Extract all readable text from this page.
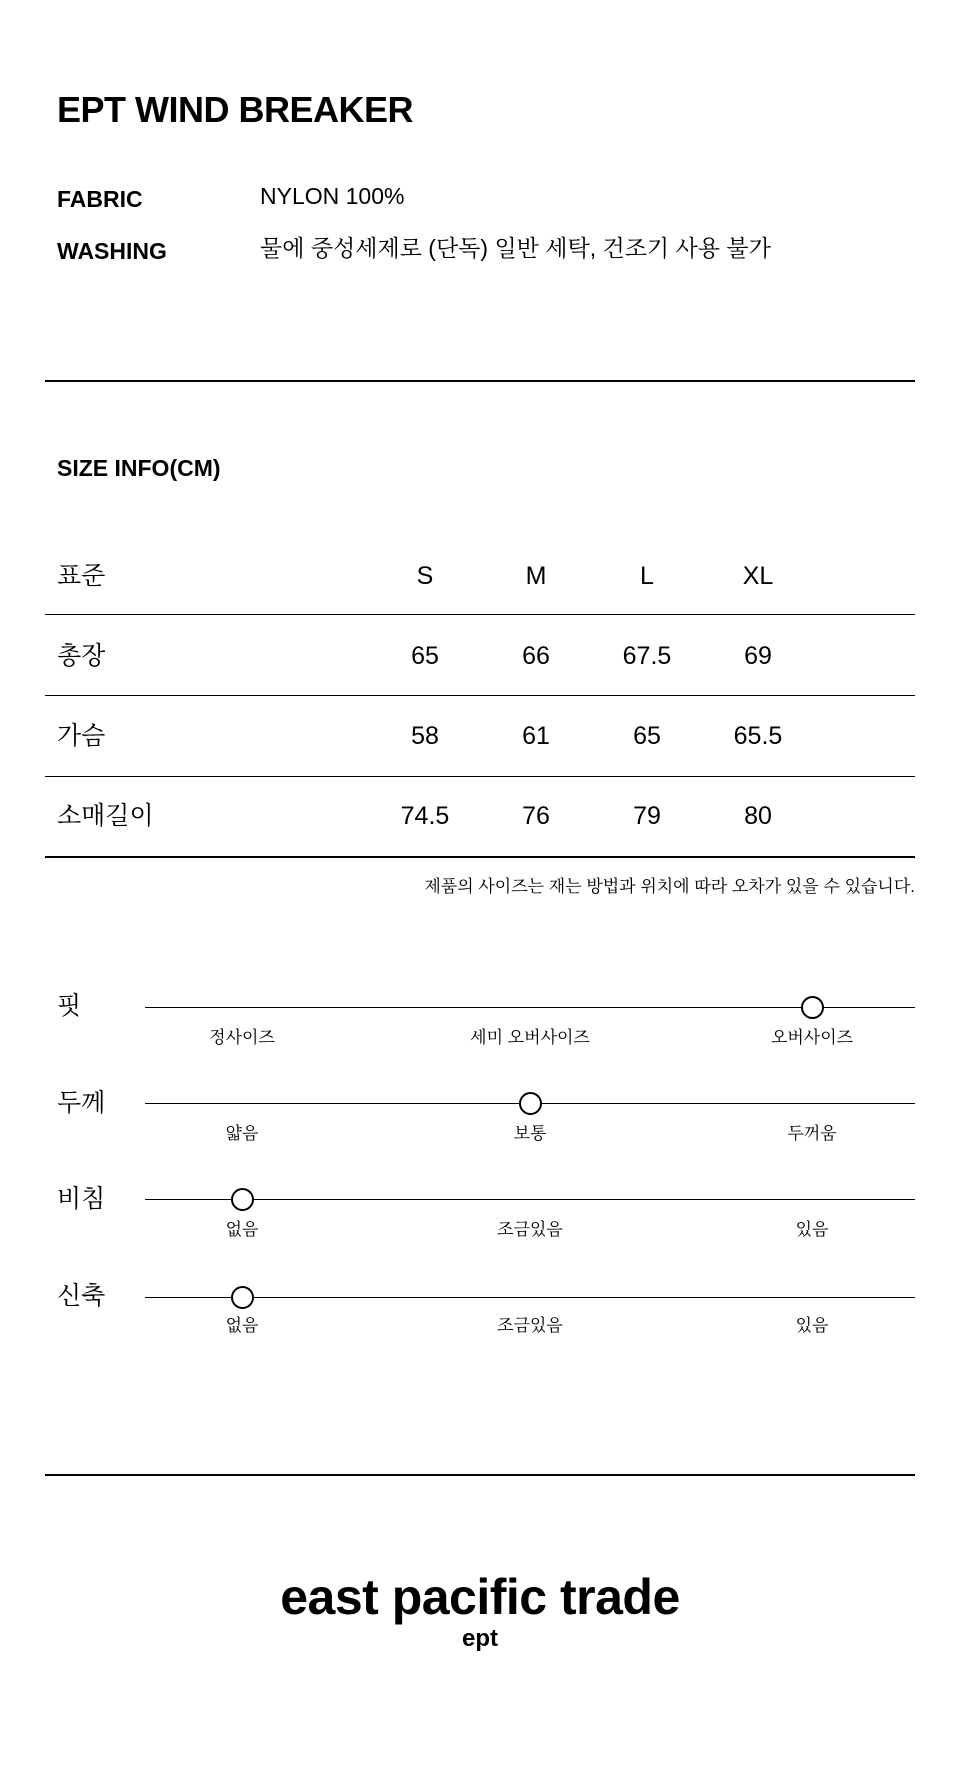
EPT WIND BREAKER
FABRIC	NYLON 100%
WASHING	물에 중성세제로 (단독) 일반 세탁, 건조기 사용 불가
SIZE INFO(CM)
표준	S	M	L	XL
총장	65	66	67.5	69
가슴	58	61	65	65.5
소매길이	74.5	76	79	80
제품의 사이즈는 재는 방법과 위치에 따라 오차가 있을 수 있습니다.
핏
정사이즈	세미 오버사이즈	오버사이즈
두께
얇음	보통	두꺼움
비침
없음	조금있음	있음
신축
없음	조금있음	있음
east pacific trade
ept
